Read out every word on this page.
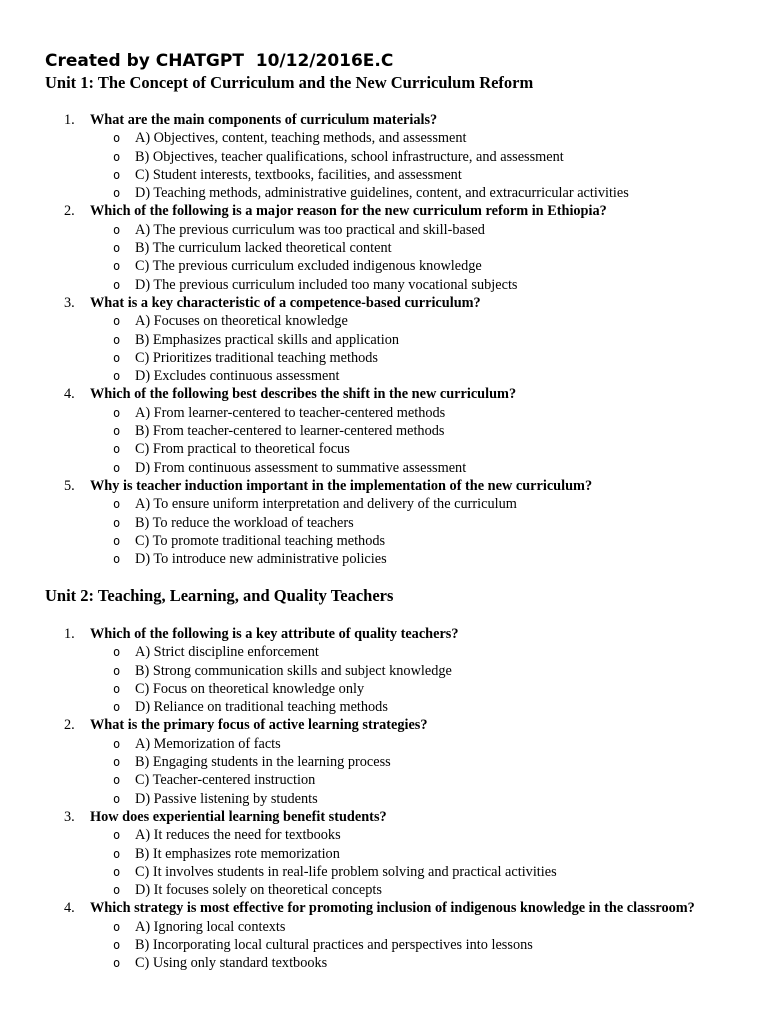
Created by CHATGPT  10/12/2016E.C
Unit 1: The Concept of Curriculum and the New Curriculum Reform
1.	What are the main components of curriculum materials?
o A) Objectives, content, teaching methods, and assessment
o B) Objectives, teacher qualifications, school infrastructure, and assessment
o C) Student interests, textbooks, facilities, and assessment
o D) Teaching methods, administrative guidelines, content, and extracurricular activities
2.	Which of the following is a major reason for the new curriculum reform in Ethiopia?
o A) The previous curriculum was too practical and skill-based
o B) The curriculum lacked theoretical content
o C) The previous curriculum excluded indigenous knowledge
o D) The previous curriculum included too many vocational subjects
3.	What is a key characteristic of a competence-based curriculum?
o A) Focuses on theoretical knowledge
o B) Emphasizes practical skills and application
o C) Prioritizes traditional teaching methods
o D) Excludes continuous assessment
4.	Which of the following best describes the shift in the new curriculum?
o A) From learner-centered to teacher-centered methods
o B) From teacher-centered to learner-centered methods
o C) From practical to theoretical focus
o D) From continuous assessment to summative assessment
5.	Why is teacher induction important in the implementation of the new curriculum?
o A) To ensure uniform interpretation and delivery of the curriculum
o B) To reduce the workload of teachers
o C) To promote traditional teaching methods
o D) To introduce new administrative policies
Unit 2: Teaching, Learning, and Quality Teachers
1.	Which of the following is a key attribute of quality teachers?
o A) Strict discipline enforcement
o B) Strong communication skills and subject knowledge
o C) Focus on theoretical knowledge only
o D) Reliance on traditional teaching methods
2.	What is the primary focus of active learning strategies?
o A) Memorization of facts
o B) Engaging students in the learning process
o C) Teacher-centered instruction
o D) Passive listening by students
3.	How does experiential learning benefit students?
o A) It reduces the need for textbooks
o B) It emphasizes rote memorization
o C) It involves students in real-life problem solving and practical activities
o D) It focuses solely on theoretical concepts
4.	Which strategy is most effective for promoting inclusion of indigenous knowledge in the classroom?
o A) Ignoring local contexts
o B) Incorporating local cultural practices and perspectives into lessons
o C) Using only standard textbooks
